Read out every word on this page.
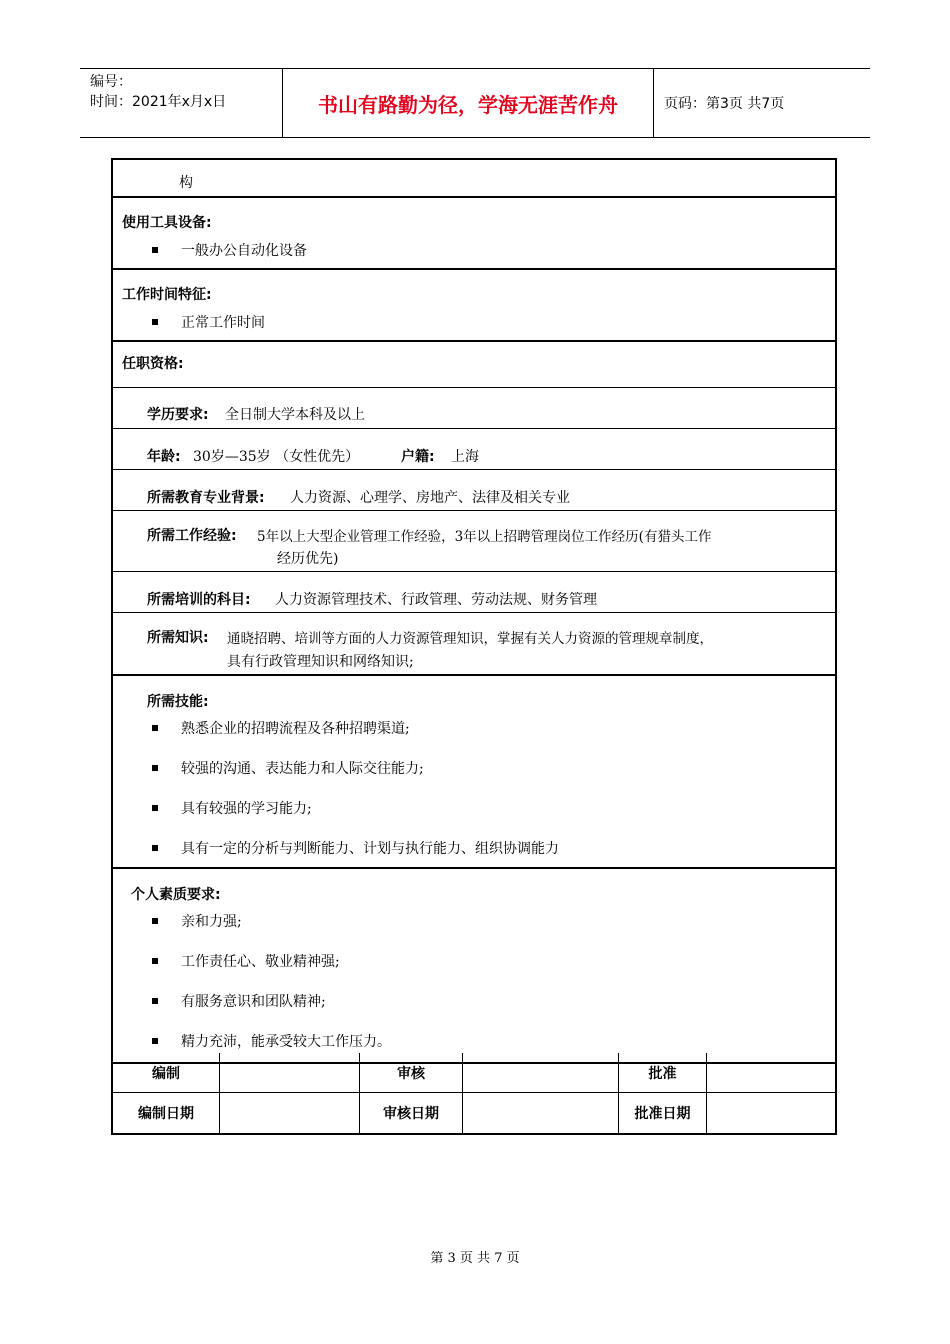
编号：
时间：2021年x月x日	书山有路勤为径，学海无涯苦作舟	页码：第3页 共7页
构
使用工具设备:
一般办公自动化设备
工作时间特征:
正常工作时间
任职资格:
学历要求: 全日制大学本科及以上
年龄: 30岁—35岁 （女性优先）	户籍: 上海
所需教育专业背景: 人力资源、心理学、房地产、法律及相关专业
所需工作经验: 5年以上大型企业管理工作经验，3年以上招聘管理岗位工作经历(有猎头工作
经历优先)
所需培训的科目: 人力资源管理技术、行政管理、劳动法规、财务管理
所需知识: 通晓招聘、培训等方面的人力资源管理知识，掌握有关人力资源的管理规章制度，
具有行政管理知识和网络知识;
所需技能:
熟悉企业的招聘流程及各种招聘渠道;
较强的沟通、表达能力和人际交往能力;
具有较强的学习能力;
具有一定的分析与判断能力、计划与执行能力、组织协调能力
个人素质要求:
亲和力强;
工作责任心、敬业精神强;
有服务意识和团队精神;
精力充沛，能承受较大工作压力。
编制	审核	批准
编制日期	审核日期	批准日期
第 3 页 共 7 页
